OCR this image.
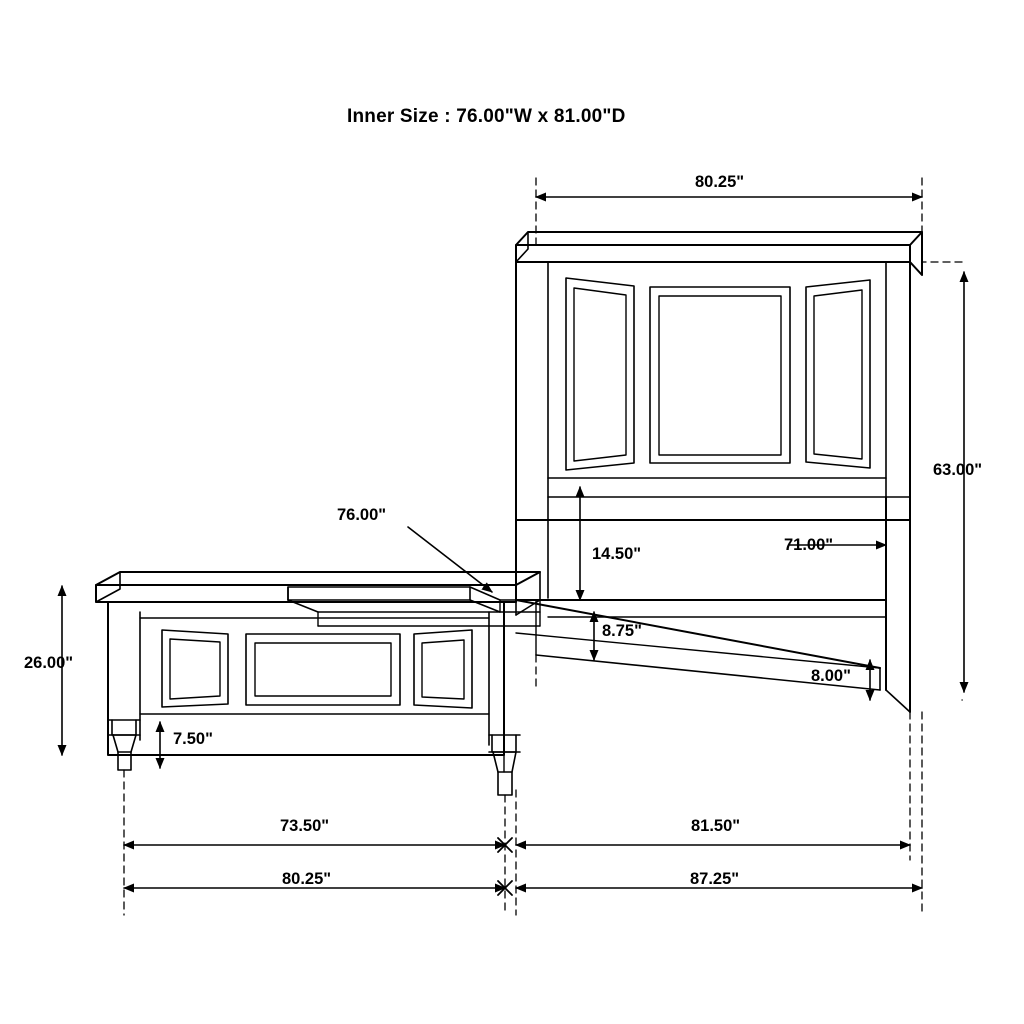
Inner Size : 76.00"W x 81.00"D
80.25"
63.00"
71.00"
14.50"
8.75"
8.00"
76.00"
26.00"
7.50"
73.50"	81.50"
80.25"	87.25"
